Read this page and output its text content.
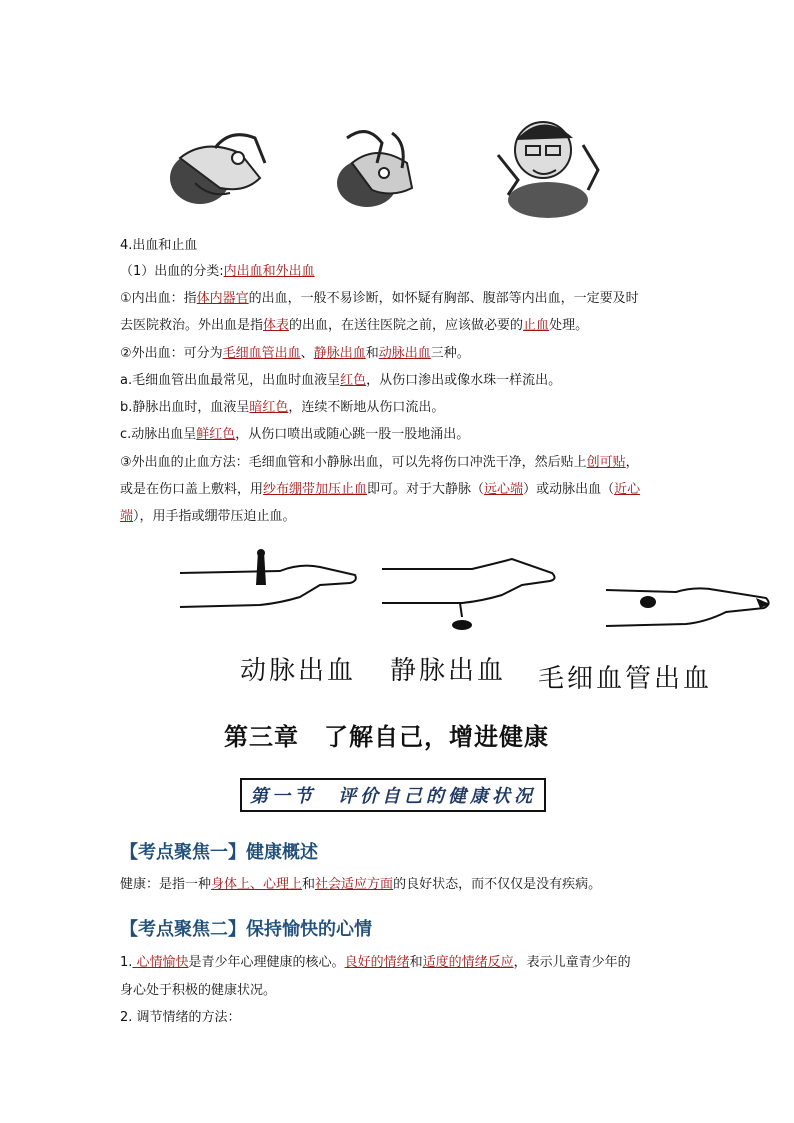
4.出血和止血
（1）出血的分类:内出血和外出血
①内出血：指体内器官的出血，一般不易诊断，如怀疑有胸部、腹部等内出血，一定要及时
去医院救治。外出血是指体表的出血，在送往医院之前，应该做必要的止血处理。
②外出血：可分为毛细血管出血、静脉出血和动脉出血三种。
a.毛细血管出血最常见，出血时血液呈红色，从伤口渗出或像水珠一样流出。
b.静脉出血时，血液呈暗红色，连续不断地从伤口流出。
c.动脉出血呈鲜红色，从伤口喷出或随心跳一股一股地涌出。
③外出血的止血方法：毛细血管和小静脉出血，可以先将伤口冲洗干净，然后贴上创可贴，
或是在伤口盖上敷料，用纱布绷带加压止血即可。对于大静脉（远心端）或动脉出血（近心
端），用手指或绷带压迫止血。
动脉出血 静脉出血 毛细血管出血
第三章　了解自己，增进健康
第一节　评价自己的健康状况
【考点聚焦一】健康概述
健康：是指一种身体上、心理上和社会适应方面的良好状态，而不仅仅是没有疾病。
【考点聚焦二】保持愉快的心情
1. 心情愉快是青少年心理健康的核心。良好的情绪和适度的情绪反应，表示儿童青少年的
身心处于积极的健康状况。
2. 调节情绪的方法：
